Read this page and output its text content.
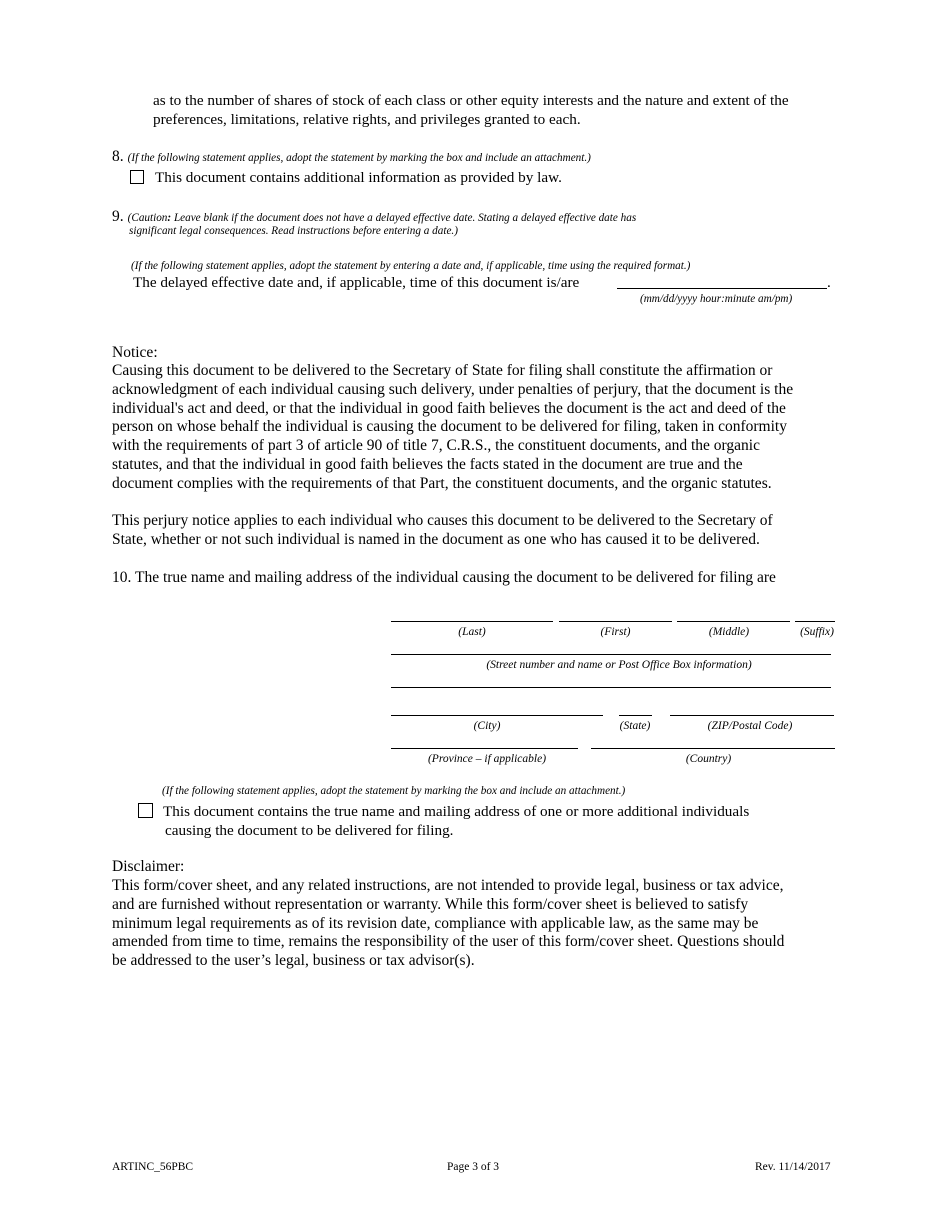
as to the number of shares of stock of each class or other equity interests and the nature and extent of the
preferences, limitations, relative rights, and privileges granted to each.
8. (If the following statement applies, adopt the statement by marking the box and include an attachment.)
This document contains additional information as provided by law.
9. (Caution: Leave blank if the document does not have a delayed effective date. Stating a delayed effective date has
significant legal consequences. Read instructions before entering a date.)
(If the following statement applies, adopt the statement by entering a date and, if applicable, time using the required format.)
The delayed effective date and, if applicable, time of this document is/are	.
(mm/dd/yyyy hour:minute am/pm)
Notice:
Causing this document to be delivered to the Secretary of State for filing shall constitute the affirmation or
acknowledgment of each individual causing such delivery, under penalties of perjury, that the document is the
individual's act and deed, or that the individual in good faith believes the document is the act and deed of the
person on whose behalf the individual is causing the document to be delivered for filing, taken in conformity
with the requirements of part 3 of article 90 of title 7, C.R.S., the constituent documents, and the organic
statutes, and that the individual in good faith believes the facts stated in the document are true and the
document complies with the requirements of that Part, the constituent documents, and the organic statutes.
This perjury notice applies to each individual who causes this document to be delivered to the Secretary of
State, whether or not such individual is named in the document as one who has caused it to be delivered.
10. The true name and mailing address of the individual causing the document to be delivered for filing are
(Last)	(First)	(Middle)	(Suffix)
(Street number and name or Post Office Box information)
(City)	(State)	(ZIP/Postal Code)
(Province – if applicable)	(Country)
(If the following statement applies, adopt the statement by marking the box and include an attachment.)
This document contains the true name and mailing address of one or more additional individuals
causing the document to be delivered for filing.
Disclaimer:
This form/cover sheet, and any related instructions, are not intended to provide legal, business or tax advice,
and are furnished without representation or warranty. While this form/cover sheet is believed to satisfy
minimum legal requirements as of its revision date, compliance with applicable law, as the same may be
amended from time to time, remains the responsibility of the user of this form/cover sheet. Questions should
be addressed to the user’s legal, business or tax advisor(s).
ARTINC_56PBC	Page 3 of 3	Rev. 11/14/2017
